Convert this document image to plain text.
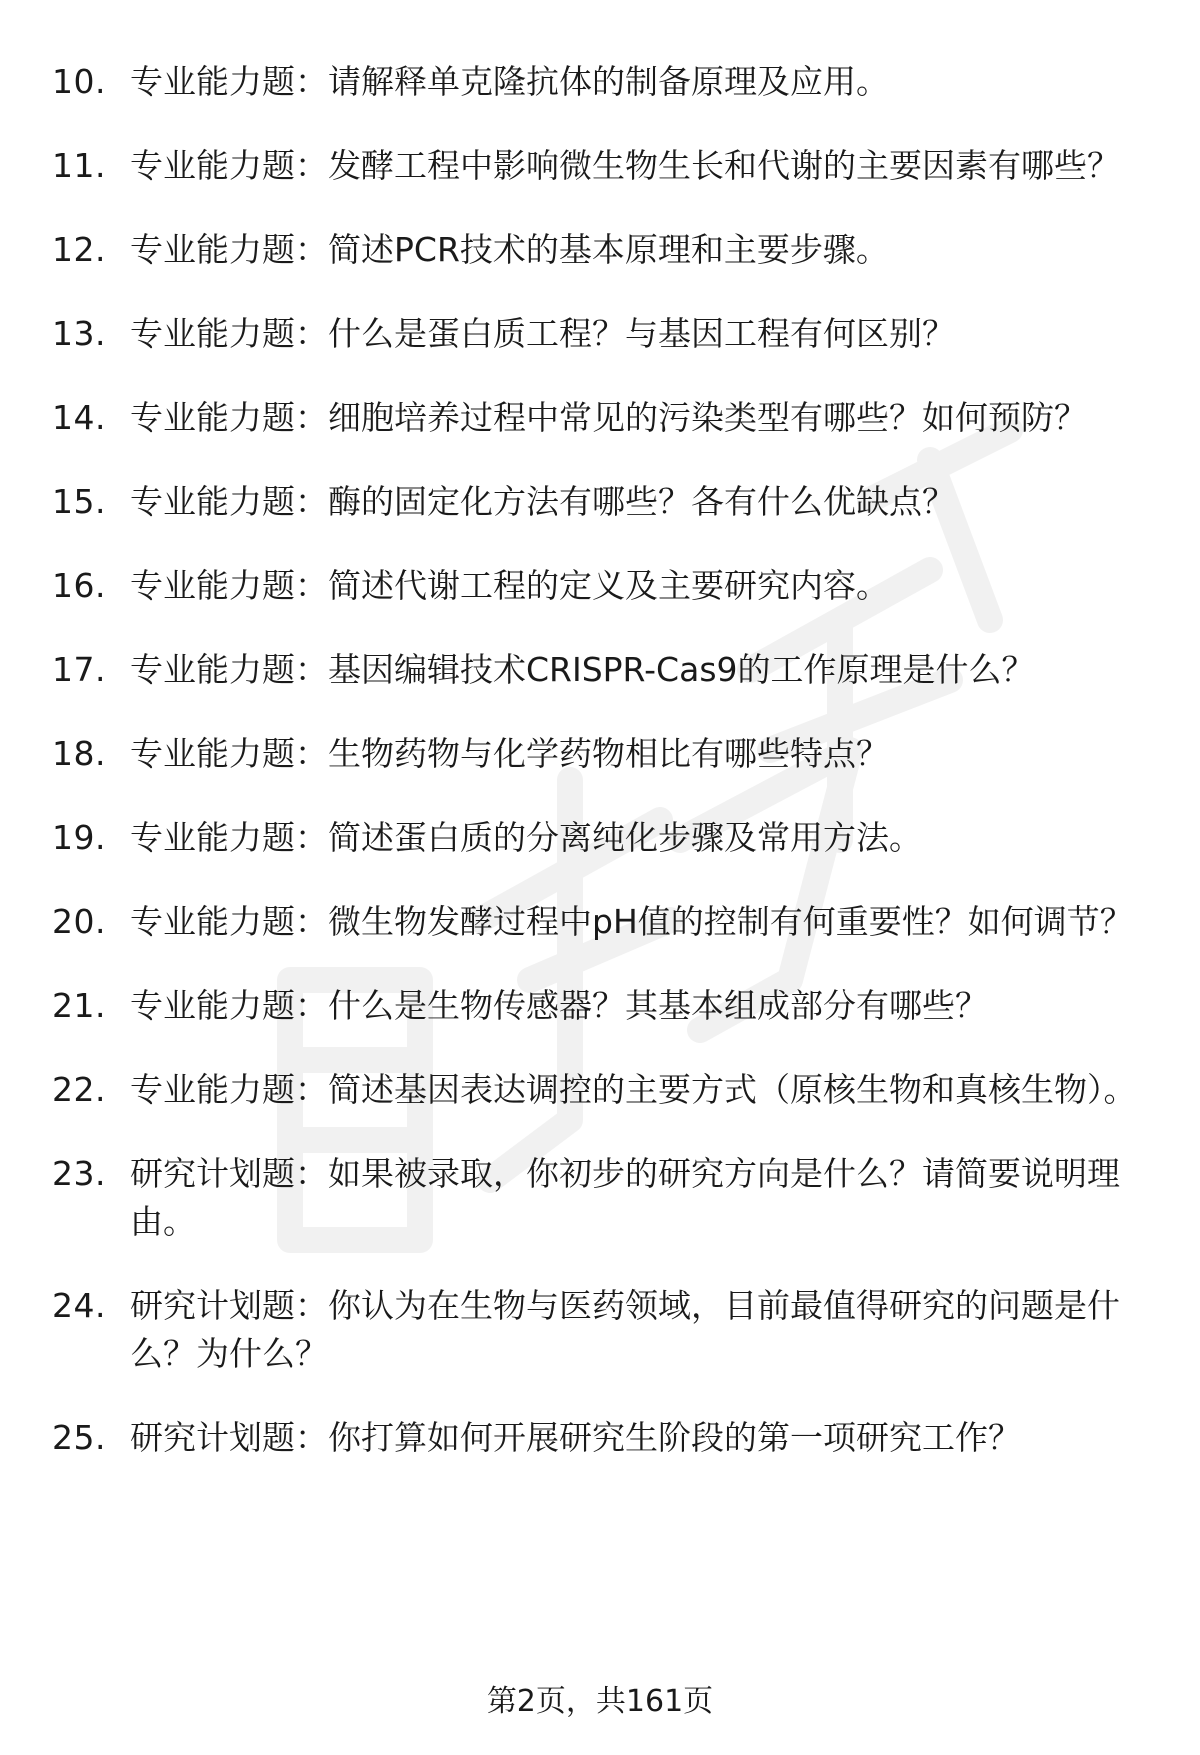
10. 专业能力题：请解释单克隆抗体的制备原理及应用。
11. 专业能力题：发酵工程中影响微生物生长和代谢的主要因素有哪些？
12. 专业能力题：简述PCR技术的基本原理和主要步骤。
13. 专业能力题：什么是蛋白质工程？与基因工程有何区别？
14. 专业能力题：细胞培养过程中常见的污染类型有哪些？如何预防？
15. 专业能力题：酶的固定化方法有哪些？各有什么优缺点？
16. 专业能力题：简述代谢工程的定义及主要研究内容。
17. 专业能力题：基因编辑技术CRISPR-Cas9的工作原理是什么？
18. 专业能力题：生物药物与化学药物相比有哪些特点？
19. 专业能力题：简述蛋白质的分离纯化步骤及常用方法。
20. 专业能力题：微生物发酵过程中pH值的控制有何重要性？如何调节？
21. 专业能力题：什么是生物传感器？其基本组成部分有哪些？
22. 专业能力题：简述基因表达调控的主要方式（原核生物和真核生物）。
23. 研究计划题：如果被录取，你初步的研究方向是什么？请简要说明理由。
24. 研究计划题：你认为在生物与医药领域，目前最值得研究的问题是什么？为什么？
25. 研究计划题：你打算如何开展研究生阶段的第一项研究工作？
第2页，共161页
